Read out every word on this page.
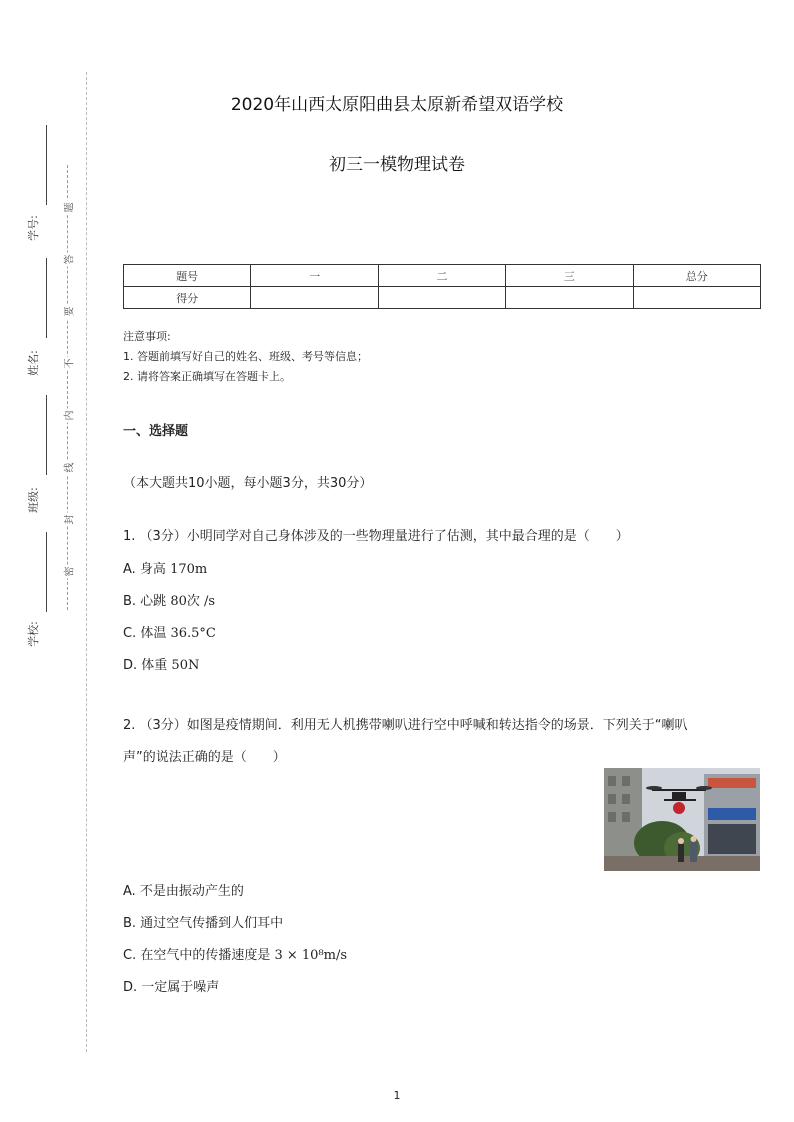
学号:
姓名:
班级:
学校:
题
答
要
不
内
线
封
密
2020年山西太原阳曲县太原新希望双语学校
初三一模物理试卷
题号	一	二	三	总分
得分				
注意事项:
1. 答题前填写好自己的姓名、班级、考号等信息；
2. 请将答案正确填写在答题卡上。
一、选择题
（本大题共10小题，每小题3分，共30分）
1. （3分）小明同学对自己身体涉及的一些物理量进行了估测，其中最合理的是（　　）
A. 身高 170m
B. 心跳 80次 /s
C. 体温 36.5°C
D. 体重 50N
2. （3分）如图是疫情期间．利用无人机携带喇叭进行空中呼喊和转达指令的场景．下列关于“喇叭
声”的说法正确的是（　　）
A. 不是由振动产生的
B. 通过空气传播到人们耳中
C. 在空气中的传播速度是 3 × 10⁸m/s
D. 一定属于噪声
1
